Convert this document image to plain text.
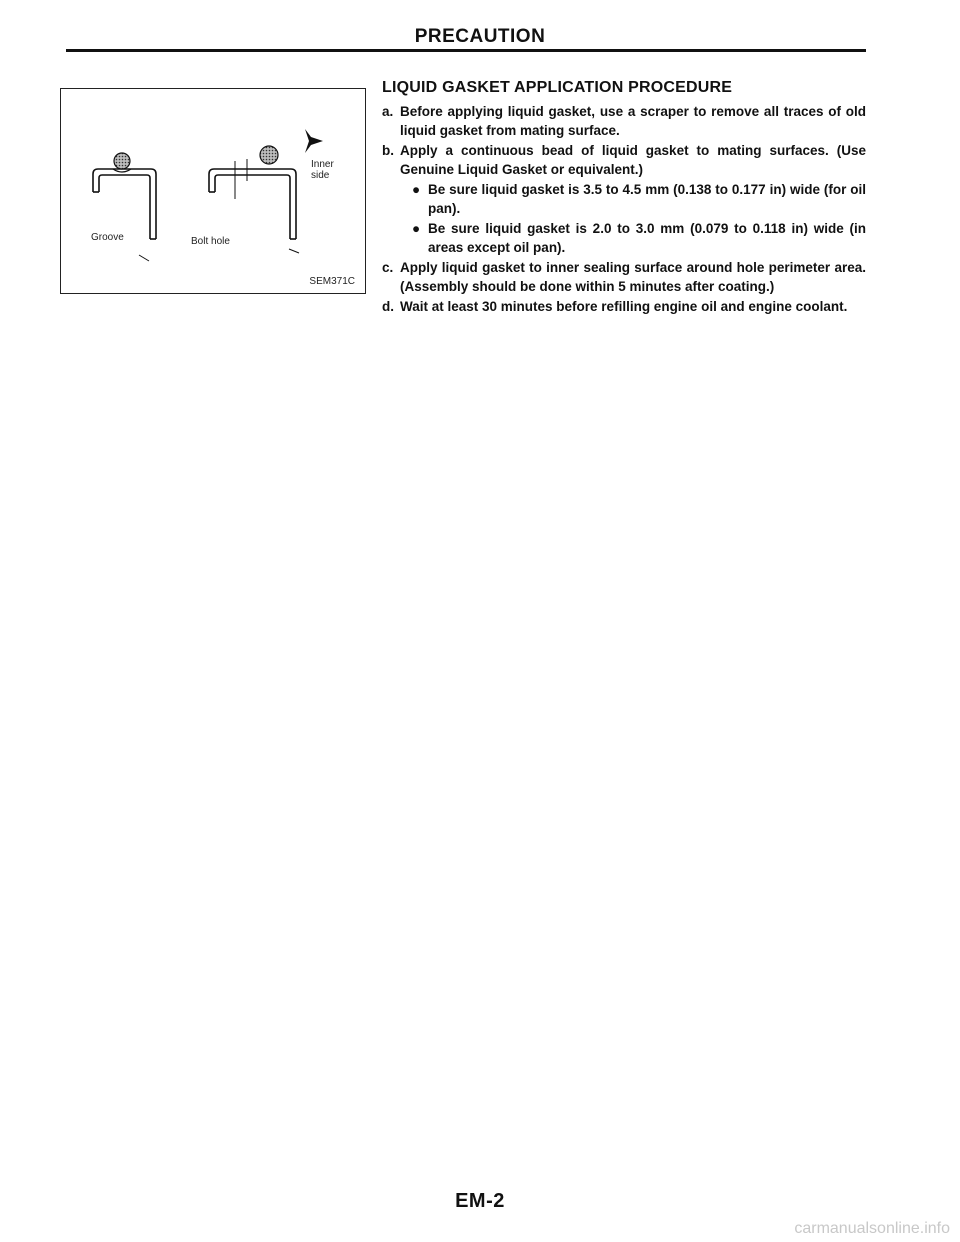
PRECAUTION
Groove	Bolt hole
Inner
side
SEM371C
LIQUID GASKET APPLICATION PROCEDURE
a. Before applying liquid gasket, use a scraper to remove all traces of old liquid gasket from mating surface.
b. Apply a continuous bead of liquid gasket to mating surfaces. (Use Genuine Liquid Gasket or equivalent.)
● Be sure liquid gasket is 3.5 to 4.5 mm (0.138 to 0.177 in) wide (for oil pan).
● Be sure liquid gasket is 2.0 to 3.0 mm (0.079 to 0.118 in) wide (in areas except oil pan).
c. Apply liquid gasket to inner sealing surface around hole perimeter area. (Assembly should be done within 5 minutes after coating.)
d. Wait at least 30 minutes before refilling engine oil and engine coolant.
EM-2
carmanualsonline.info
